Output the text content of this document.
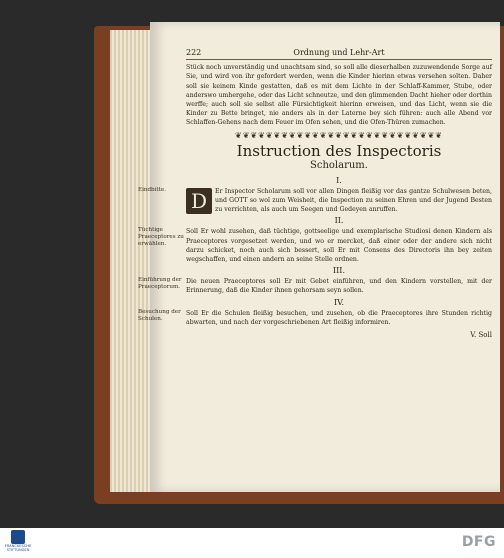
222	Ordnung und Lehr-Art

Stück noch unverständig und unachtsam sind, so soll alle dieserhalben zuzuwendende Sorge auf Sie, und wird von ihr gefordert werden, wenn die Kinder hierinn etwas versehen solten. Daher soll sie keinem Kinde gestatten, daß es mit dem Lichte in der Schlaff-Kammer, Stube, oder anderswo umhergehe, oder das Licht schneutze, und den glimmenden Dacht hieher oder dorthin werffe; auch soll sie selbst alle Fürsichtigkeit hierinn erweisen, und das Licht, wenn sie die Kinder zu Bette bringet, nie anders als in der Laterne bey sich führen: auch alle Abend vor Schlaffen-Gehens nach dem Feuer im Ofen sehen, und die Ofen-Thüren zumachen.

❦❦❦❦❦❦❦❦❦❦❦❦❦❦❦❦❦❦❦❦❦❦❦❦❦❦❦
Instruction des Inspectoris
Scholarum.
I.
Eindbitte.	D	Er Inspector Scholarum soll vor allen Dingen fleißig vor das gantze Schulwesen beten, und GOTT so wol zum Weisheit, die Inspection zu seinen Ehren und der Jugend Besten zu verrichten, als auch um Seegen und Gedeyen anruffen.

II.
Tüchtige Praeceptores zu erwählen.

Soll Er wohl zusehen, daß tüchtige, gottseelige und exemplarische Studiosi denen Kindern als Praeceptores vorgesetzet werden, und wo er mercket, daß einer oder der andere sich nicht darzu schicket, noch auch sich bessert, soll Er mit Consens des Directoris ihn bey zeiten wegschaffen, und einen andern an seine Stelle ordnen.

III.
Einführung der Praeceptorum.

Die neuen Praeceptores soll Er mit Gebet einführen, und den Kindern vorstellen, mit der Erinnerung, daß die Kinder ihnen gehorsam seyn sollen.

IV.
Besuchung der Schulen.

Soll Er die Schulen fleißig besuchen, und zusehen, ob die Praeceptores ihre Stunden richtig abwarten, und nach der vorgeschriebenen Art fleißig informiren.

V. Soll
FRANCKESCHE STIFTUNGEN	DFG
